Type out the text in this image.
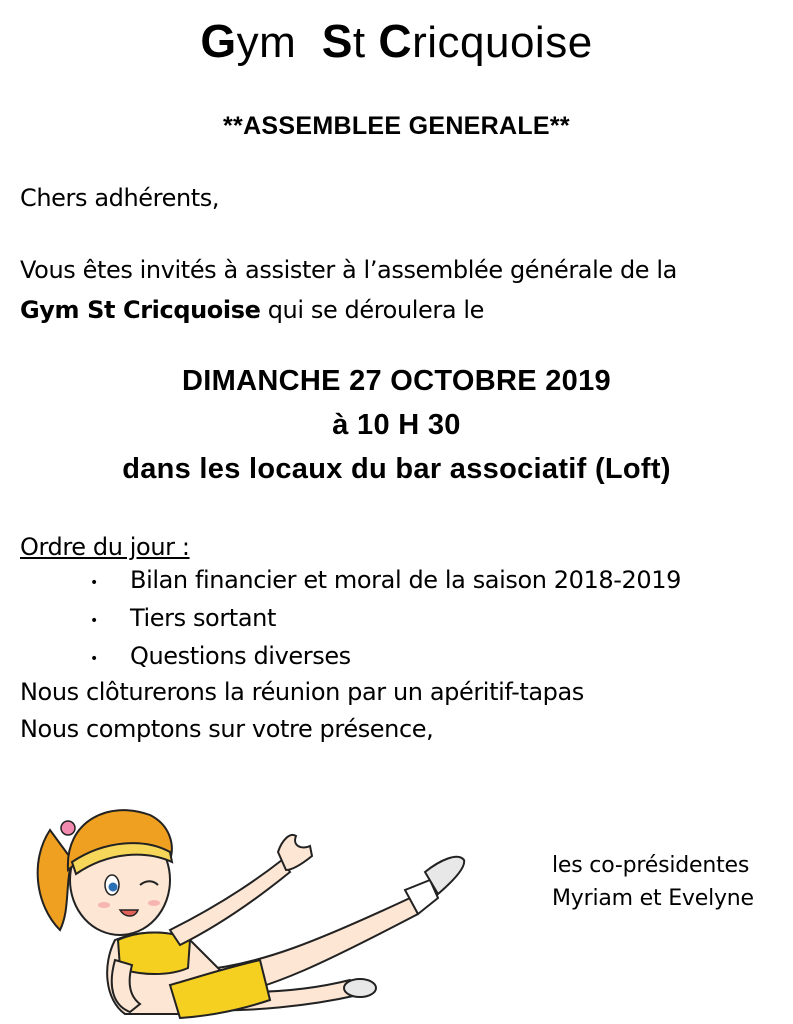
Gym  St Cricquoise
**ASSEMBLEE GENERALE**
Chers adhérents,
Vous êtes invités à assister à l’assemblée générale de la
Gym St Cricquoise qui se déroulera le
DIMANCHE 27 OCTOBRE 2019
à 10 H 30
dans les locaux du bar associatif (Loft)
Ordre du jour :
• Bilan financier et moral de la saison 2018-2019
• Tiers sortant
• Questions diverses
Nous clôturerons la réunion par un apéritif-tapas
Nous comptons sur votre présence,
les co-présidentes
Myriam et Evelyne
